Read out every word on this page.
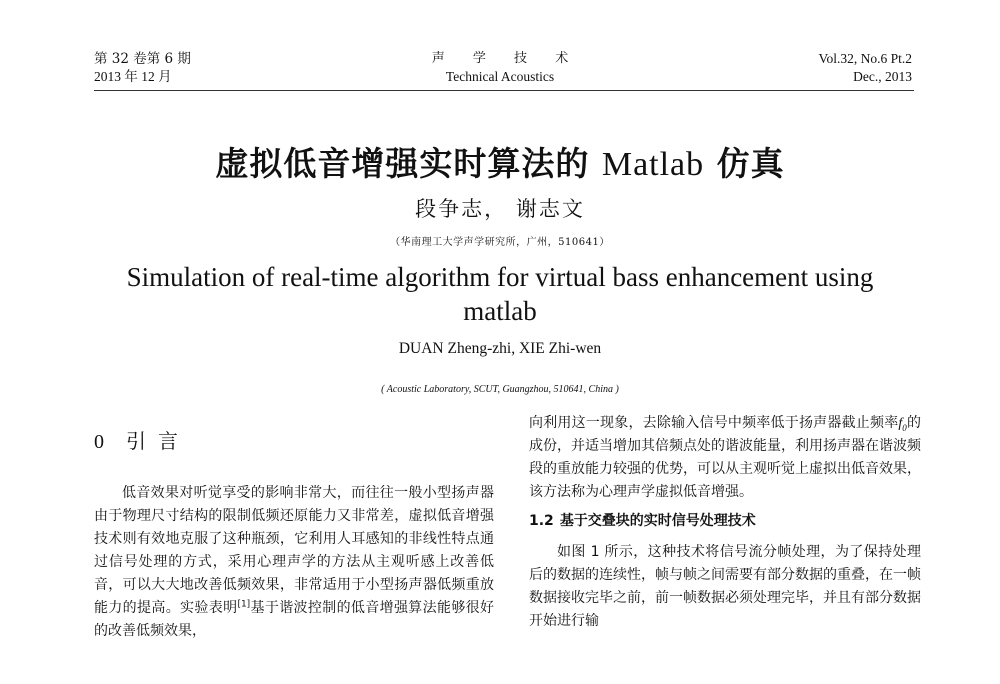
第 32 卷第 6 期
2013 年 12 月
声 学 技 术
Technical Acoustics
Vol.32, No.6 Pt.2
Dec., 2013
虚拟低音增强实时算法的 Matlab 仿真
段争志， 谢志文
（华南理工大学声学研究所，广州，510641）
Simulation of real-time algorithm for virtual bass enhancement using
matlab
DUAN Zheng-zhi, XIE Zhi-wen
( Acoustic Laboratory, SCUT, Guangzhou, 510641, China )
0 引言

低音效果对听觉享受的影响非常大，而往往一般小型扬声器由于物理尺寸结构的限制低频还原能力又非常差，虚拟低音增强技术则有效地克服了这种瓶颈，它利用人耳感知的非线性特点通过信号处理的方式，采用心理声学的方法从主观听感上改善低音，可以大大地改善低频效果，非常适用于小型扬声器低频重放能力的提高。实验表明[1]基于谐波控制的低音增强算法能够很好的改善低频效果，

向利用这一现象，去除输入信号中频率低于扬声器截止频率$f_0$的成份，并适当增加其倍频点处的谐波能量，利用扬声器在谐波频段的重放能力较强的优势，可以从主观听觉上虚拟出低音效果，该方法称为心理声学虚拟低音增强。

1.2 基于交叠块的实时信号处理技术

如图 1 所示，这种技术将信号流分帧处理，为了保持处理后的数据的连续性，帧与帧之间需要有部分数据的重叠，在一帧数据接收完毕之前，前一帧数据必须处理完毕，并且有部分数据开始进行输
